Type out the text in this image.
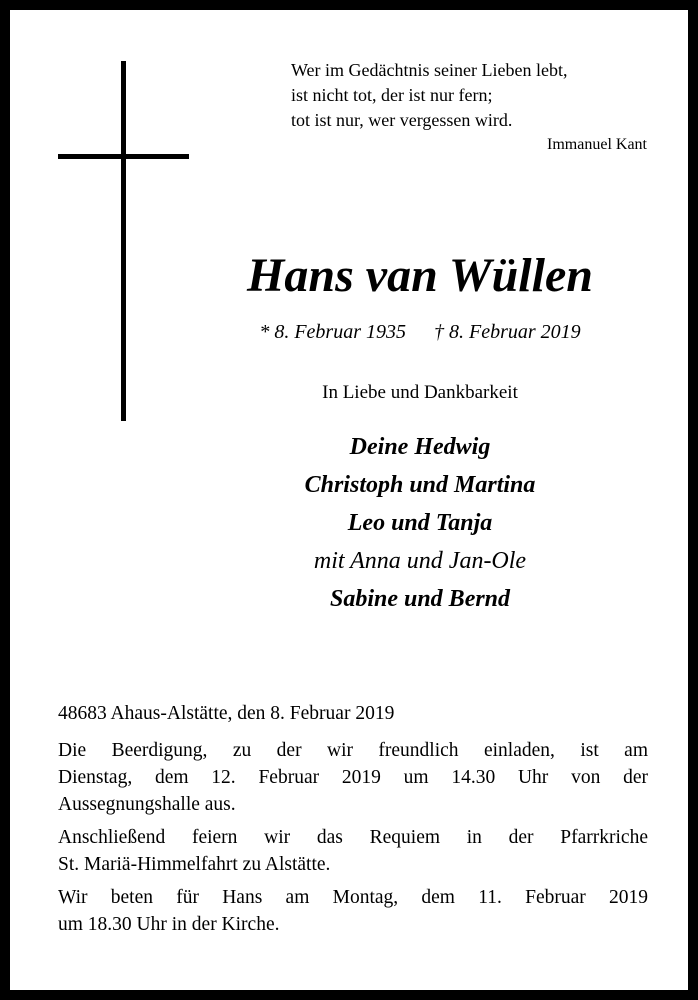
Wer im Gedächtnis seiner Lieben lebt,
ist nicht tot, der ist nur fern;
tot ist nur, wer vergessen wird.
Immanuel Kant
Hans van Wüllen
* 8. Februar 1935 † 8. Februar 2019
In Liebe und Dankbarkeit
Deine Hedwig
Christoph und Martina
Leo und Tanja
mit Anna und Jan-Ole
Sabine und Bernd
48683 Ahaus-Alstätte, den 8. Februar 2019
Die Beerdigung, zu der wir freundlich einladen, ist am
Dienstag, dem 12. Februar 2019 um 14.30 Uhr von der
Aussegnungshalle aus.
Anschließend feiern wir das Requiem in der Pfarrkriche
St. Mariä-Himmelfahrt zu Alstätte.
Wir beten für Hans am Montag, dem 11. Februar 2019
um 18.30 Uhr in der Kirche.
